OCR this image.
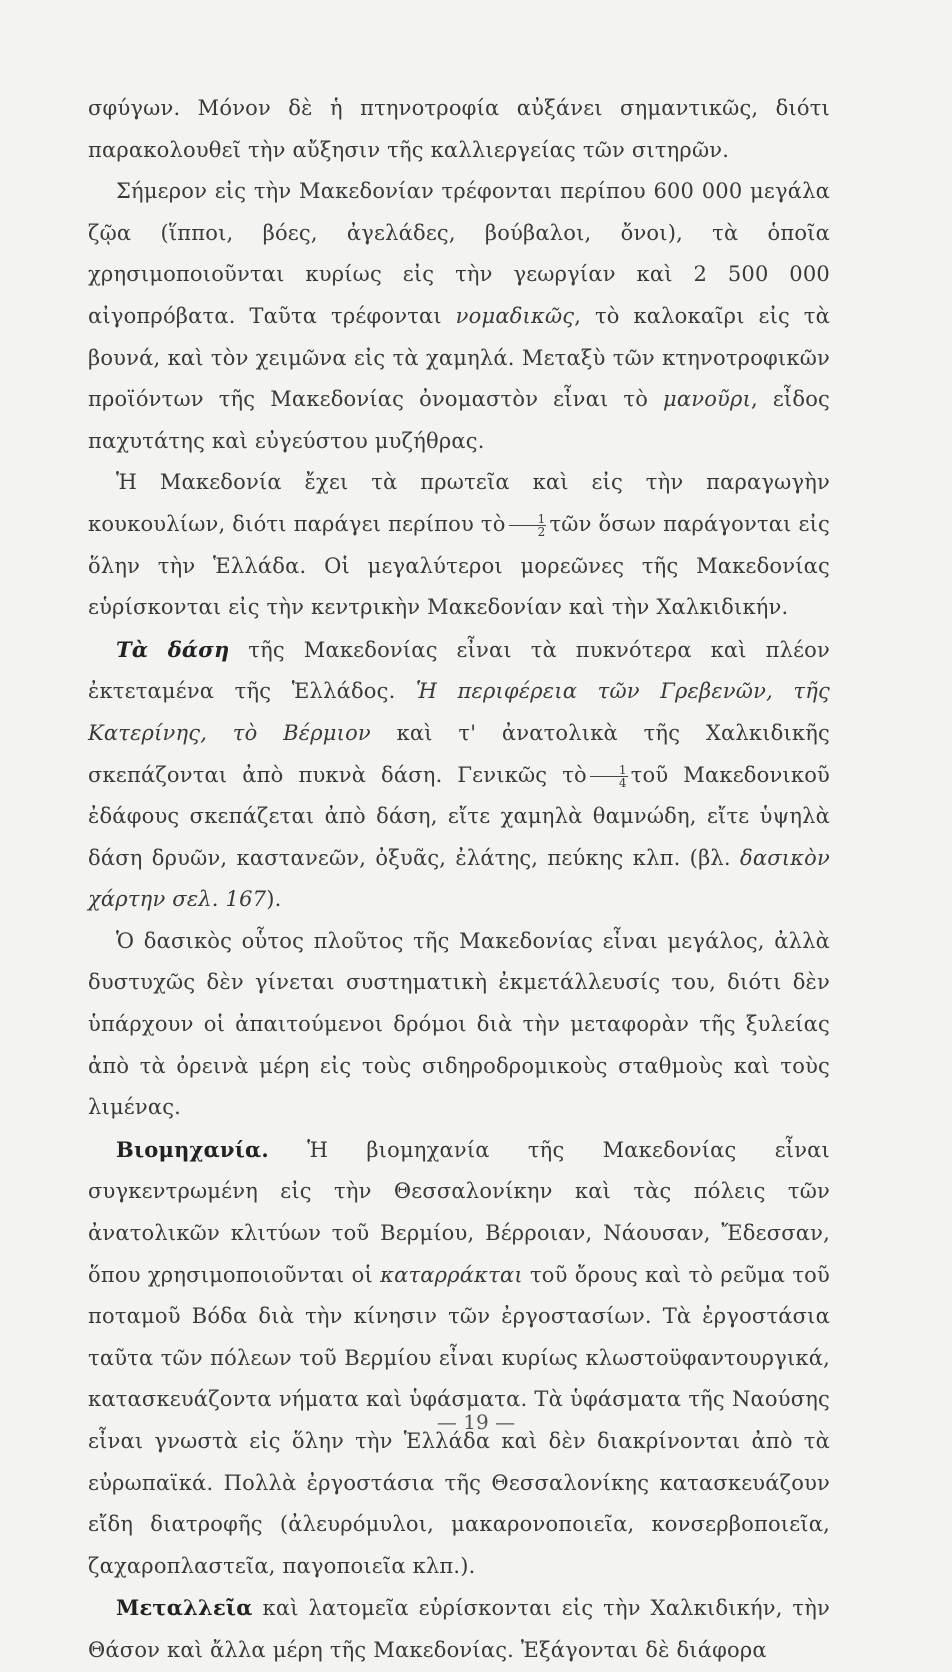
σφύγων. Μόνον δὲ ἡ πτηνοτροφία αὐξάνει σημαντικῶς, διότι παρακολουθεῖ τὴν αὔξησιν τῆς καλλιεργείας τῶν σιτηρῶν.

Σήμερον εἰς τὴν Μακεδονίαν τρέφονται περίπου 600 000 μεγάλα ζῷα (ἵπποι, βόες, ἀγελάδες, βούβαλοι, ὄνοι), τὰ ὁποῖα χρησιμοποιοῦνται κυρίως εἰς τὴν γεωργίαν καὶ 2 500 000 αἰγοπρόβατα. Ταῦτα τρέφονται νομαδικῶς, τὸ καλοκαῖρι εἰς τὰ βουνά, καὶ τὸν χειμῶνα εἰς τὰ χαμηλά. Μεταξὺ τῶν κτηνοτροφικῶν προϊόντων τῆς Μακεδονίας ὀνομαστὸν εἶναι τὸ μανοῦρι, εἶδος παχυτάτης καὶ εὐγεύστου μυζήθρας.

Ἡ Μακεδονία ἔχει τὰ πρωτεῖα καὶ εἰς τὴν παραγωγὴν κουκουλίων, διότι παράγει περίπου τὸ $\frac{1}{2}$ τῶν ὅσων παράγονται εἰς ὅλην τὴν Ἑλλάδα. Οἱ μεγαλύτεροι μορεῶνες τῆς Μακεδονίας εὑρίσκονται εἰς τὴν κεντρικὴν Μακεδονίαν καὶ τὴν Χαλκιδικήν.

Τὰ δάση τῆς Μακεδονίας εἶναι τὰ πυκνότερα καὶ πλέον ἐκτεταμένα τῆς Ἑλλάδος. Ἡ περιφέρεια τῶν Γρεβενῶν, τῆς Κατερίνης, τὸ Βέρμιον καὶ τ' ἀνατολικὰ τῆς Χαλκιδικῆς σκεπάζονται ἀπὸ πυκνὰ δάση. Γενικῶς τὸ $\frac{1}{4}$ τοῦ Μακεδονικοῦ ἐδάφους σκεπάζεται ἀπὸ δάση, εἴτε χαμηλὰ θαμνώδη, εἴτε ὑψηλὰ δάση δρυῶν, καστανεῶν, ὀξυᾶς, ἐλάτης, πεύκης κλπ. (βλ. δασικὸν χάρτην σελ. 167).

Ὁ δασικὸς οὗτος πλοῦτος τῆς Μακεδονίας εἶναι μεγάλος, ἀλλὰ δυστυχῶς δὲν γίνεται συστηματικὴ ἐκμετάλλευσίς του, διότι δὲν ὑπάρχουν οἱ ἀπαιτούμενοι δρόμοι διὰ τὴν μεταφορὰν τῆς ξυλείας ἀπὸ τὰ ὀρεινὰ μέρη εἰς τοὺς σιδηροδρομικοὺς σταθμοὺς καὶ τοὺς λιμένας.

Βιομηχανία. Ἡ βιομηχανία τῆς Μακεδονίας εἶναι συγκεντρωμένη εἰς τὴν Θεσσαλονίκην καὶ τὰς πόλεις τῶν ἀνατολικῶν κλιτύων τοῦ Βερμίου, Βέρροιαν, Νάουσαν, Ἔδεσσαν, ὅπου χρησιμοποιοῦνται οἱ καταρράκται τοῦ ὄρους καὶ τὸ ρεῦμα τοῦ ποταμοῦ Βόδα διὰ τὴν κίνησιν τῶν ἐργοστασίων. Τὰ ἐργοστάσια ταῦτα τῶν πόλεων τοῦ Βερμίου εἶναι κυρίως κλωστοϋφαντουργικά, κατασκευάζοντα νήματα καὶ ὑφάσματα. Τὰ ὑφάσματα τῆς Ναούσης εἶναι γνωστὰ εἰς ὅλην τὴν Ἑλλάδα καὶ δὲν διακρίνονται ἀπὸ τὰ εὐρωπαϊκά. Πολλὰ ἐργοστάσια τῆς Θεσσαλονίκης κατασκευάζουν εἴδη διατροφῆς (ἀλευρόμυλοι, μακαρονοποιεῖα, κονσερβοποιεῖα, ζαχαροπλαστεῖα, παγοποιεῖα κλπ.).

Μεταλλεῖα καὶ λατομεῖα εὑρίσκονται εἰς τὴν Χαλκιδικήν, τὴν Θάσον καὶ ἄλλα μέρη τῆς Μακεδονίας. Ἐξάγονται δὲ διάφορα

— 19 —
